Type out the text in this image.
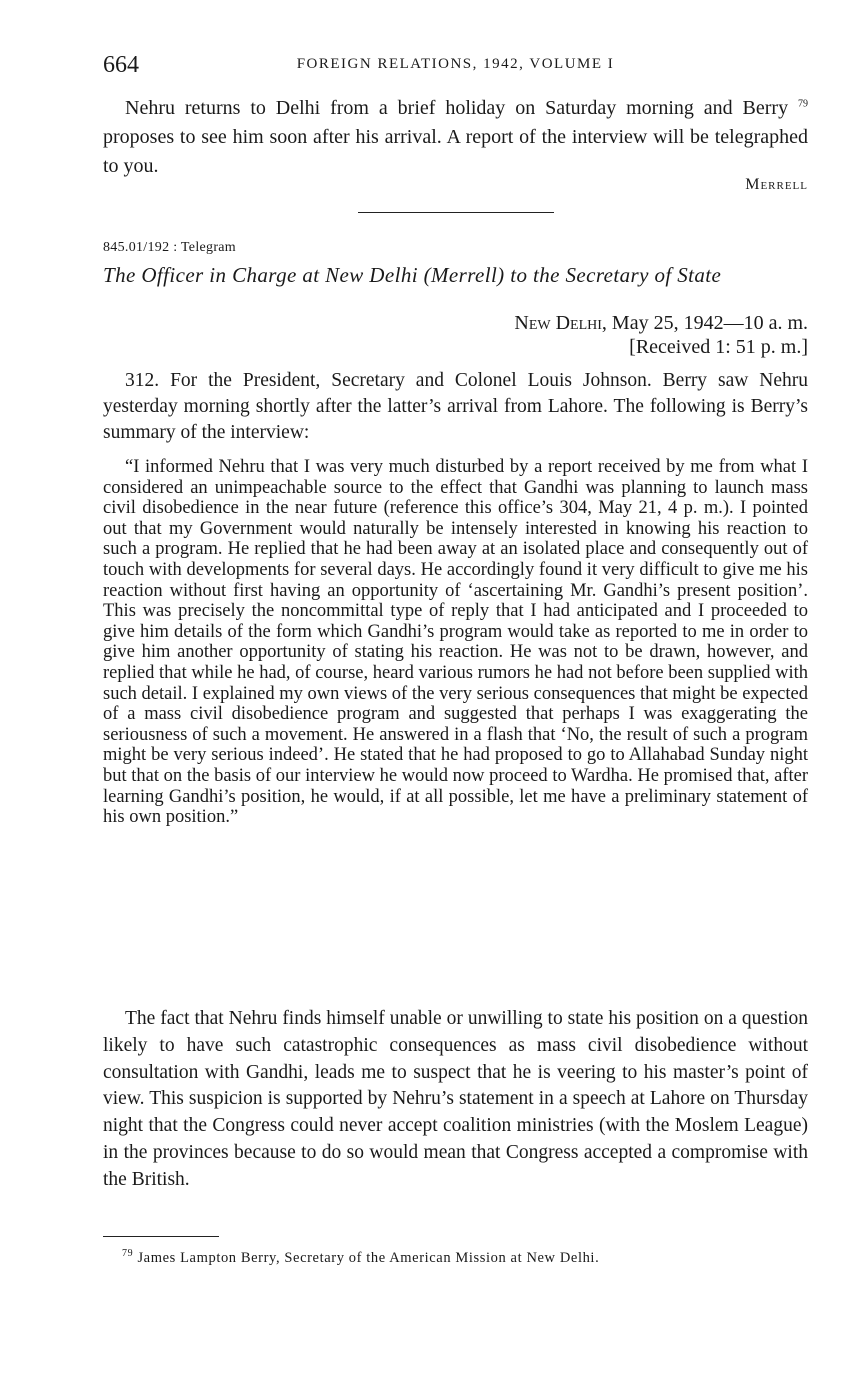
664	FOREIGN RELATIONS, 1942, VOLUME I

Nehru returns to Delhi from a brief holiday on Saturday morning and Berry $^{79}$ proposes to see him soon after his arrival. A report of the interview will be telegraphed to you.

Merrell
845.01/192 : Telegram
The Officer in Charge at New Delhi (Merrell) to the Secretary of State
New Delhi, May 25, 1942—10 a. m.
[Received 1: 51 p. m.]

312. For the President, Secretary and Colonel Louis Johnson. Berry saw Nehru yesterday morning shortly after the latter’s arrival from Lahore. The following is Berry’s summary of the interview:

“I informed Nehru that I was very much disturbed by a report received by me from what I considered an unimpeachable source to the effect that Gandhi was planning to launch mass civil disobedience in the near future (reference this office’s 304, May 21, 4 p. m.). I pointed out that my Government would naturally be intensely interested in knowing his reaction to such a program. He replied that he had been away at an isolated place and consequently out of touch with developments for several days. He accordingly found it very difficult to give me his reaction without first having an opportunity of ‘ascertaining Mr. Gandhi’s present position’. This was precisely the noncommittal type of reply that I had anticipated and I proceeded to give him details of the form which Gandhi’s program would take as reported to me in order to give him another opportunity of stating his reaction. He was not to be drawn, however, and replied that while he had, of course, heard various rumors he had not before been supplied with such detail. I explained my own views of the very serious consequences that might be expected of a mass civil disobedience program and suggested that perhaps I was exaggerating the seriousness of such a movement. He answered in a flash that ‘No, the result of such a program might be very serious indeed’. He stated that he had proposed to go to Allahabad Sunday night but that on the basis of our interview he would now proceed to Wardha. He promised that, after learning Gandhi’s position, he would, if at all possible, let me have a preliminary statement of his own position.”

The fact that Nehru finds himself unable or unwilling to state his position on a question likely to have such catastrophic consequences as mass civil disobedience without consultation with Gandhi, leads me to suspect that he is veering to his master’s point of view. This suspicion is supported by Nehru’s statement in a speech at Lahore on Thursday night that the Congress could never accept coalition ministries (with the Moslem League) in the provinces because to do so would mean that Congress accepted a compromise with the British.

$^{79}$ James Lampton Berry, Secretary of the American Mission at New Delhi.
